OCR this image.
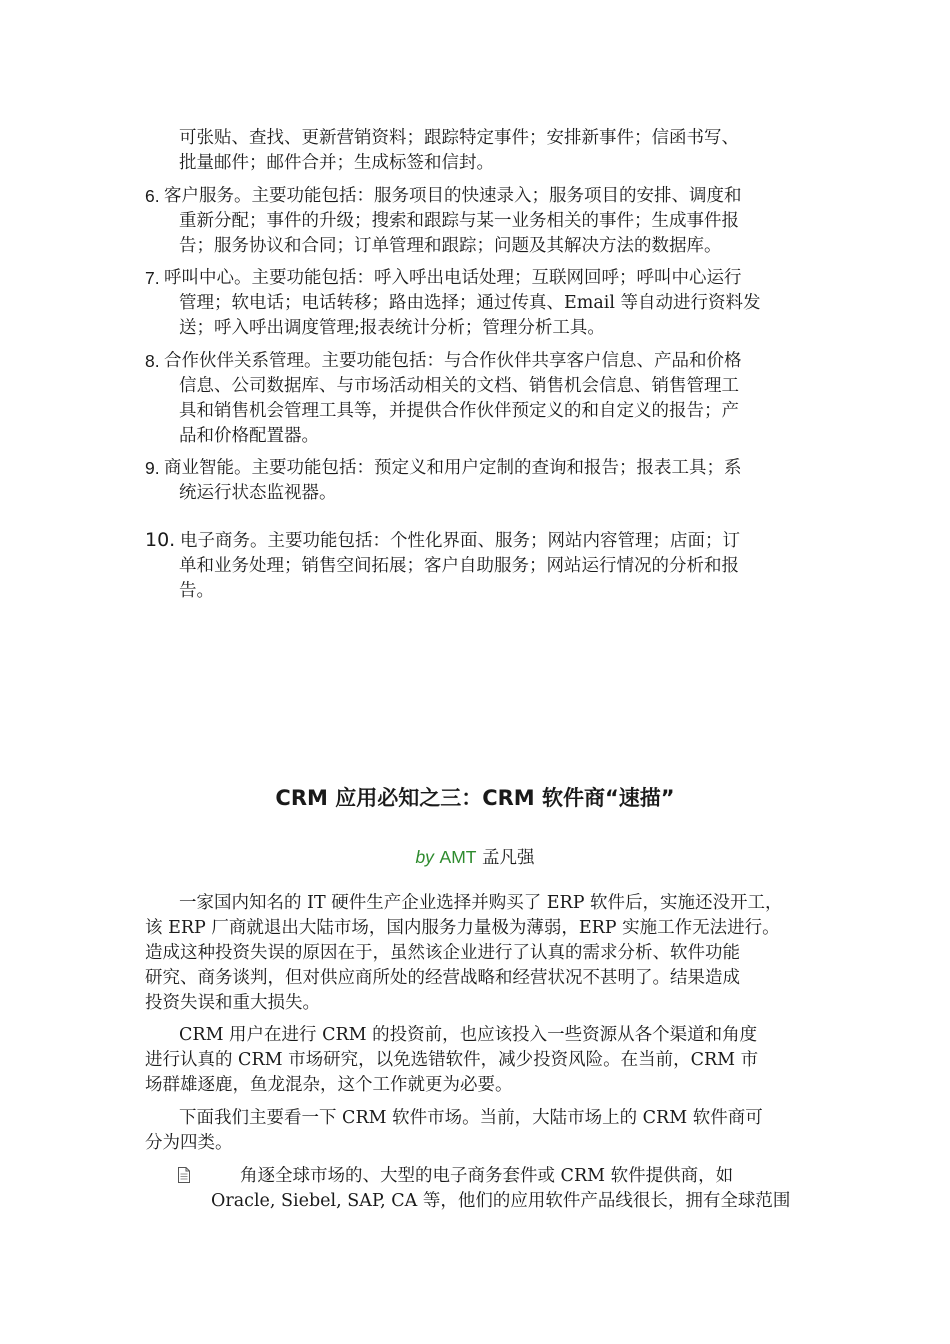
可张贴、查找、更新营销资料；跟踪特定事件；安排新事件；信函书写、
批量邮件；邮件合并；生成标签和信封。
6. 客户服务。主要功能包括：服务项目的快速录入；服务项目的安排、调度和
重新分配；事件的升级；搜索和跟踪与某一业务相关的事件；生成事件报
告；服务协议和合同；订单管理和跟踪；问题及其解决方法的数据库。
7. 呼叫中心。主要功能包括：呼入呼出电话处理；互联网回呼；呼叫中心运行
管理；软电话；电话转移；路由选择；通过传真、Email 等自动进行资料发
送；呼入呼出调度管理;报表统计分析；管理分析工具。
8. 合作伙伴关系管理。主要功能包括：与合作伙伴共享客户信息、产品和价格
信息、公司数据库、与市场活动相关的文档、销售机会信息、销售管理工
具和销售机会管理工具等，并提供合作伙伴预定义的和自定义的报告；产
品和价格配置器。
9. 商业智能。主要功能包括：预定义和用户定制的查询和报告；报表工具；系
统运行状态监视器。
10. 电子商务。主要功能包括：个性化界面、服务；网站内容管理；店面；订
单和业务处理；销售空间拓展；客户自助服务；网站运行情况的分析和报
告。
CRM 应用必知之三：CRM 软件商“速描”
by AMT 孟凡强
一家国内知名的 IT 硬件生产企业选择并购买了 ERP 软件后，实施还没开工，
该 ERP 厂商就退出大陆市场，国内服务力量极为薄弱，ERP 实施工作无法进行。
造成这种投资失误的原因在于，虽然该企业进行了认真的需求分析、软件功能
研究、商务谈判，但对供应商所处的经营战略和经营状况不甚明了。结果造成
投资失误和重大损失。
CRM 用户在进行 CRM 的投资前，也应该投入一些资源从各个渠道和角度
进行认真的 CRM 市场研究，以免选错软件，减少投资风险。在当前，CRM 市
场群雄逐鹿，鱼龙混杂，这个工作就更为必要。
下面我们主要看一下 CRM 软件市场。当前，大陆市场上的 CRM 软件商可
分为四类。
角逐全球市场的、大型的电子商务套件或 CRM 软件提供商，如
Oracle, Siebel, SAP, CA 等，他们的应用软件产品线很长，拥有全球范围
